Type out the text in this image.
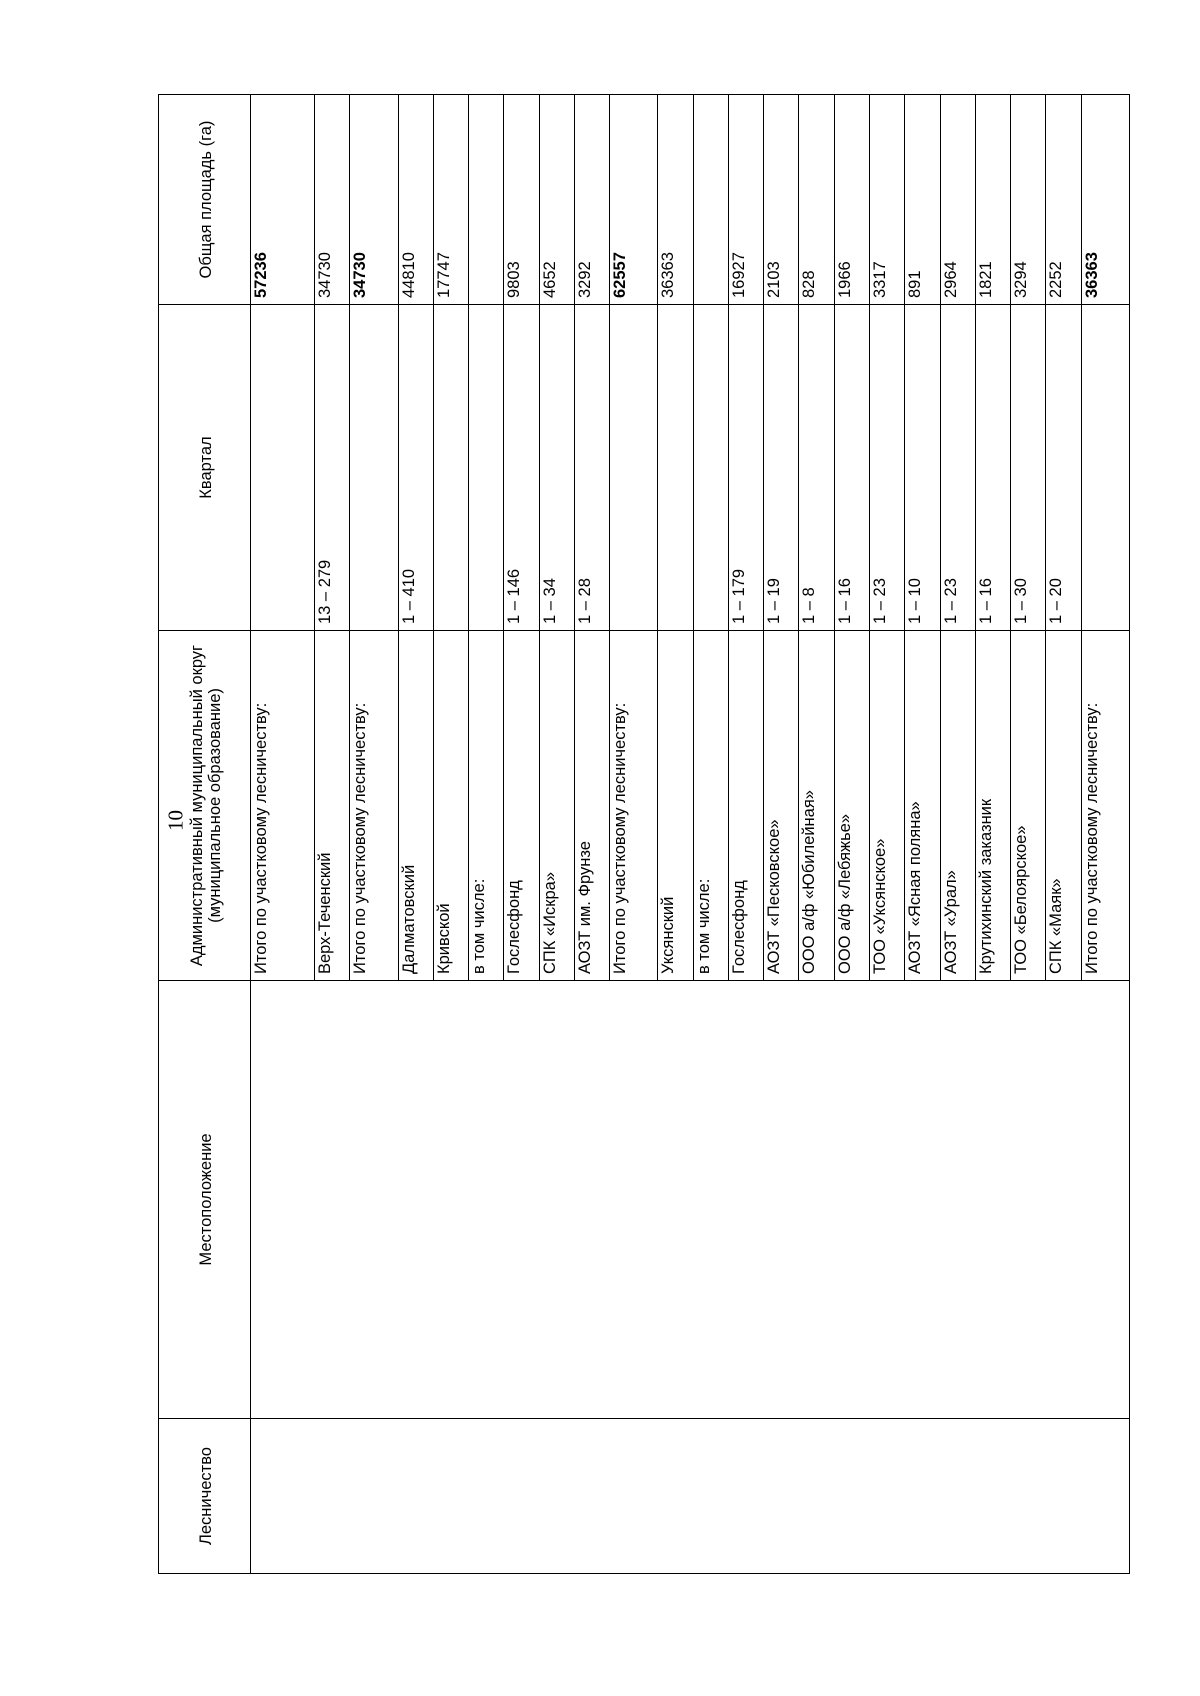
10
Лесничество	Местоположение	Административный муниципальный округ (муниципальное образование)	Квартал	Общая площадь (га)
		Итого по участковому лесничеству:		57236
		Верх-Теченский	13 – 279	34730
		Итого по участковому лесничеству:		34730
		Далматовский	1 – 410	44810
		Кривской		17747
		в том числе:		
		Гослесфонд	1 – 146	9803
		СПК «Искра»	1 – 34	4652
		АОЗТ им. Фрунзе	1 – 28	3292
		Итого по участковому лесничеству:		62557
		Уксянский		36363
		в том числе:		
		Гослесфонд	1 – 179	16927
		АОЗТ «Песковское»	1 – 19	2103
		ООО а/ф «Юбилейная»	1 – 8	828
		ООО а/ф «Лебяжье»	1 – 16	1966
		ТОО «Уксянское»	1 – 23	3317
		АОЗТ «Ясная поляна»	1 – 10	891
		АОЗТ «Урал»	1 – 23	2964
		Крутихинский заказник	1 – 16	1821
		ТОО «Белоярское»	1 – 30	3294
		СПК «Маяк»	1 – 20	2252
		Итого по участковому лесничеству:		36363
